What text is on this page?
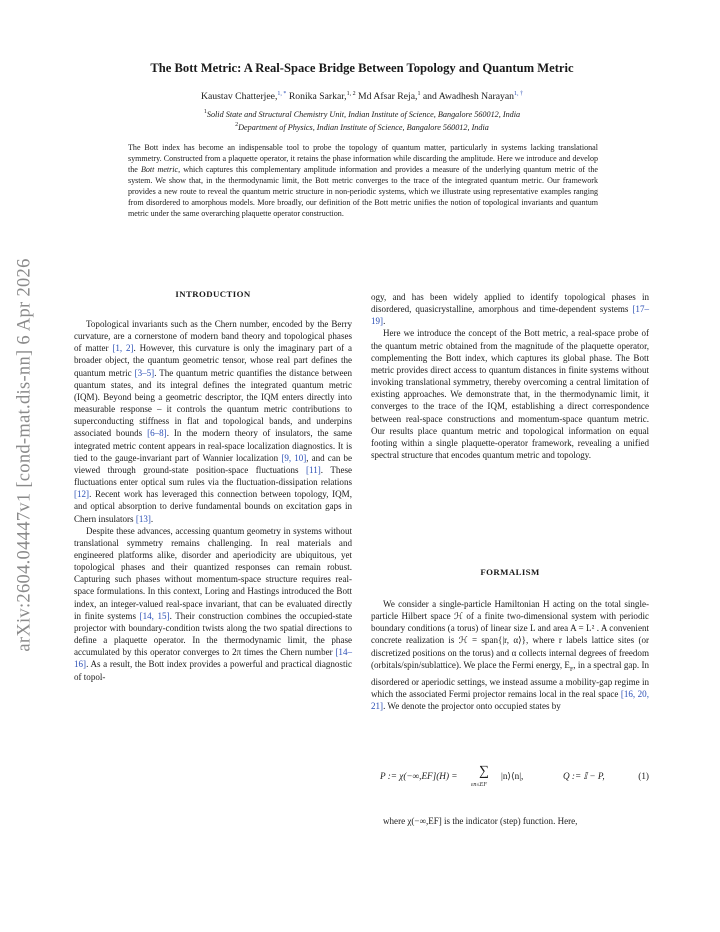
arXiv:2604.04447v1 [cond-mat.dis-nn] 6 Apr 2026
The Bott Metric: A Real-Space Bridge Between Topology and Quantum Metric
Kaustav Chatterjee,$^{1, *}$ Ronika Sarkar,$^{1, 2}$ Md Afsar Reja,$^1$ and Awadhesh Narayan$^{1, \dagger}$
$^1$Solid State and Structural Chemistry Unit, Indian Institute of Science, Bangalore 560012, India
$^2$Department of Physics, Indian Institute of Science, Bangalore 560012, India
The Bott index has become an indispensable tool to probe the topology of quantum matter, particularly in systems lacking translational symmetry. Constructed from a plaquette operator, it retains the phase information while discarding the amplitude. Here we introduce and develop the Bott metric, which captures this complementary amplitude information and provides a measure of the underlying quantum metric of the system. We show that, in the thermodynamic limit, the Bott metric converges to the trace of the integrated quantum metric. Our framework provides a new route to reveal the quantum metric structure in non-periodic systems, which we illustrate using representative examples ranging from disordered to amorphous models. More broadly, our definition of the Bott metric unifies the notion of topological invariants and quantum metric under the same overarching plaquette operator construction.
INTRODUCTION

Topological invariants such as the Chern number, encoded by the Berry curvature, are a cornerstone of modern band theory and topological phases of matter [1, 2]. However, this curvature is only the imaginary part of a broader object, the quantum geometric tensor, whose real part defines the quantum metric [3–5]. The quantum metric quantifies the distance between quantum states, and its integral defines the integrated quantum metric (IQM). Beyond being a geometric descriptor, the IQM enters directly into measurable response – it controls the quantum metric contributions to superconducting stiffness in flat and topological bands, and underpins associated bounds [6–8]. In the modern theory of insulators, the same integrated metric content appears in real-space localization diagnostics. It is tied to the gauge-invariant part of Wannier localization [9, 10], and can be viewed through ground-state position-space fluctuations [11]. These fluctuations enter optical sum rules via the fluctuation-dissipation relations [12]. Recent work has leveraged this connection between topology, IQM, and optical absorption to derive fundamental bounds on excitation gaps in Chern insulators [13].

Despite these advances, accessing quantum geometry in systems without translational symmetry remains challenging. In real materials and engineered platforms alike, disorder and aperiodicity are ubiquitous, yet topological phases and their quantized responses can remain robust. Capturing such phases without momentum-space structure requires real-space formulations. In this context, Loring and Hastings introduced the Bott index, an integer-valued real-space invariant, that can be evaluated directly in finite systems [14, 15]. Their construction combines the occupied-state projector with boundary-condition twists along the two spatial directions to define a plaquette operator. In the thermodynamic limit, the phase accumulated by this operator converges to 2π times the Chern number [14–16]. As a result, the Bott index provides a powerful and practical diagnostic of topol-

ogy, and has been widely applied to identify topological phases in disordered, quasicrystalline, amorphous and time-dependent systems [17–19].

Here we introduce the concept of the Bott metric, a real-space probe of the quantum metric obtained from the magnitude of the plaquette operator, complementing the Bott index, which captures its global phase. The Bott metric provides direct access to quantum distances in finite systems without invoking translational symmetry, thereby overcoming a central limitation of existing approaches. We demonstrate that, in the thermodynamic limit, it converges to the trace of the IQM, establishing a direct correspondence between real-space constructions and momentum-space quantum metric. Our results place quantum metric and topological information on equal footing within a single plaquette-operator framework, revealing a unified spectral structure that encodes quantum metric and topology.

FORMALISM

We consider a single-particle Hamiltonian H acting on the total single-particle Hilbert space ℋ of a finite two-dimensional system with periodic boundary conditions (a torus) of linear size L and area A = L² . A convenient concrete realization is ℋ = span{|r, α⟩}, where r labels lattice sites (or discretized positions on the torus) and α collects internal degrees of freedom (orbitals/spin/sublattice). We place the Fermi energy, $E_F$, in a spectral gap. In disordered or aperiodic settings, we instead assume a mobility-gap regime in which the associated Fermi projector remains local in the real space [16, 20, 21]. We denote the projector onto occupied states by

P := χ(−∞,EF](H) = ∑
εn≤EF
|n⟩⟨n|,	Q := 𝕀 − P,	(1)
where χ(−∞,EF] is the indicator (step) function. Here,
